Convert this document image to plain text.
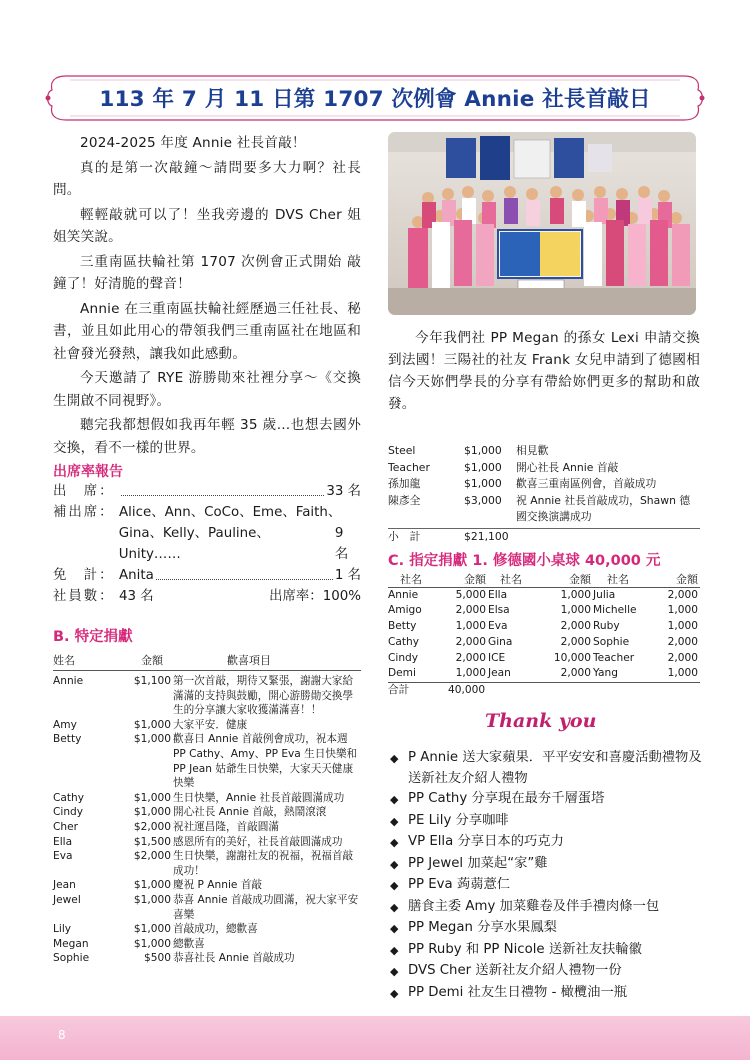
113 年 7 月 11 日第 1707 次例會 Annie 社長首敲日

2024-2025 年度 Annie 社長首敲！

真的是第一次敲鐘～請問要多大力啊？社長問。

輕輕敲就可以了！坐我旁邊的 DVS Cher 姐姐笑笑說。

三重南區扶輪社第 1707 次例會正式開始 敲鐘了！好清脆的聲音！

Annie 在三重南區扶輪社經歷過三任社長、秘書，並且如此用心的帶領我們三重南區社在地區和社會發光發熱，讓我如此感動。

今天邀請了 RYE 游勝勛來社裡分享～《交換生開啟不同視野》。

聽完我都想假如我再年輕 35 歲…也想去國外交換，看不一樣的世界。

出席率報告
出　席：	33 名
補出席： Alice、Ann、CoCo、Eme、Faith、
Gina、Kelly、Pauline、Unity……
9 名
免　計： Anita	1 名
社員數： 43 名	出席率： 100%
B. 特定捐獻
姓名	金額	歡喜項目
Annie	$1,100 第一次首敲，期待又緊張，謝謝大家給滿滿的支持與鼓勵，開心游勝勛交換學生的分享讓大家收獲滿滿喜！！
Amy	$1,000 大家平安．健康
Betty	$1,000 歡喜日 Annie 首敲例會成功，祝本週 PP Cathy、Amy、PP Eva 生日快樂和 PP Jean 姑爺生日快樂，大家天天健康快樂
Cathy	$1,000 生日快樂，Annie 社長首敲圓滿成功
Cindy	$1,000 開心社長 Annie 首敲，熱鬧滾滾
Cher	$2,000 祝社運昌隆，首敲圓滿
Ella	$1,500 感恩所有的美好，社長首敲圓滿成功
Eva	$2,000 生日快樂，謝謝社友的祝福，祝福首敲成功！
Jean	$1,000 慶祝 P Annie 首敲
Jewel	$1,000 恭喜 Annie 首敲成功圓滿，祝大家平安喜樂
Lily	$1,000 首敲成功，總歡喜
Megan	$1,000 總歡喜
Sophie	$500 恭喜社長 Annie 首敲成功

今年我們社 PP Megan 的孫女 Lexi 申請交換到法國！三陽社的社友 Frank 女兒申請到了德國相信今天妳們學長的分享有帶給妳們更多的幫助和啟發。

Steel	$1,000	相見歡
Teacher	$1,000	開心社長 Annie 首敲
孫加龍	$1,000	歡喜三重南區例會，首敲成功
陳彥全	$3,000	祝 Annie 社長首敲成功，Shawn 德國交換演講成功
小　計	$21,100
C. 指定捐獻 1. 修德國小桌球 40,000 元
社名	金額	社名	金額	社名	金額
Annie	5,000 Ella	1,000 Julia	2,000
Amigo	2,000 Elsa	1,000 Michelle	1,000
Betty	1,000 Eva	2,000 Ruby	1,000
Cathy	2,000 Gina	2,000 Sophie	2,000
Cindy	2,000 ICE	10,000 Teacher	2,000
Demi	1,000 Jean	2,000 Yang	1,000
合計	40,000
Thank you
◆ P Annie 送大家蘋果．平平安安和喜慶活動禮物及送新社友介紹人禮物
◆ PP Cathy 分享現在最夯千層蛋塔
◆ PE Lily 分享咖啡
◆ VP Ella 分享日本的巧克力
◆ PP Jewel 加菜起“家”雞
◆ PP Eva 蒟蒻薏仁
◆ 膳食主委 Amy 加菜雞卷及伴手禮肉條一包
◆ PP Megan 分享水果鳳梨
◆ PP Ruby 和 PP Nicole 送新社友扶輪徽
◆ DVS Cher 送新社友介紹人禮物一份
◆ PP Demi 社友生日禮物 - 橄欖油一瓶
8
